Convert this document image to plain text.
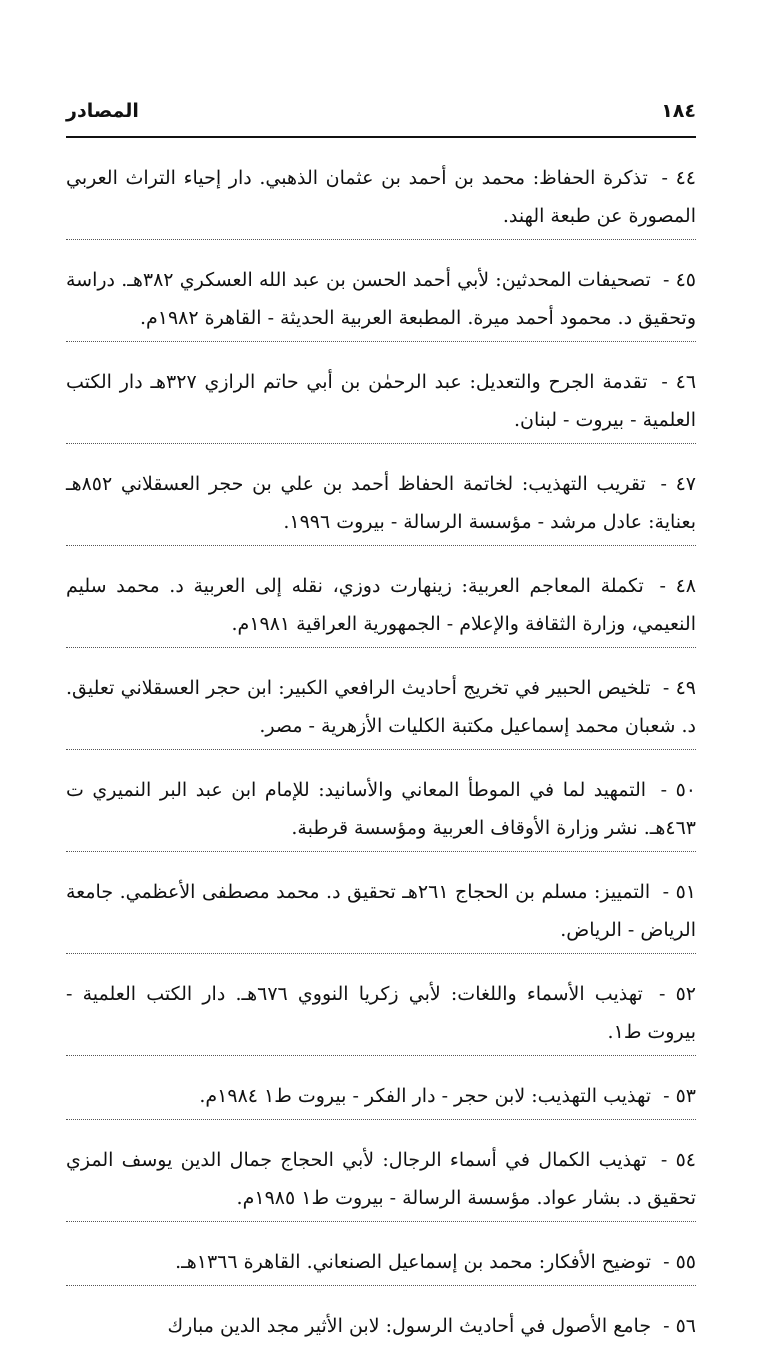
١٨٤
المصادر

٤٤ - تذكرة الحفاظ: محمد بن أحمد بن عثمان الذهبي. دار إحياء التراث العربي المصورة عن طبعة الهند.

٤٥ - تصحيفات المحدثين: لأبي أحمد الحسن بن عبد الله العسكري ٣٨٢هـ. دراسة وتحقيق د. محمود أحمد ميرة. المطبعة العربية الحديثة - القاهرة ١٩٨٢م.

٤٦ - تقدمة الجرح والتعديل: عبد الرحمٰن بن أبي حاتم الرازي ٣٢٧هـ دار الكتب العلمية - بيروت - لبنان.

٤٧ - تقريب التهذيب: لخاتمة الحفاظ أحمد بن علي بن حجر العسقلاني ٨٥٢هـ بعناية: عادل مرشد - مؤسسة الرسالة - بيروت ١٩٩٦.

٤٨ - تكملة المعاجم العربية: زينهارت دوزي، نقله إلى العربية د. محمد سليم النعيمي، وزارة الثقافة والإعلام - الجمهورية العراقية ١٩٨١م.

٤٩ - تلخيص الحبير في تخريج أحاديث الرافعي الكبير: ابن حجر العسقلاني تعليق. د. شعبان محمد إسماعيل مكتبة الكليات الأزهرية - مصر.

٥٠ - التمهيد لما في الموطأ المعاني والأسانيد: للإمام ابن عبد البر النميري ت ٤٦٣هـ. نشر وزارة الأوقاف العربية ومؤسسة قرطبة.

٥١ - التمييز: مسلم بن الحجاج ٢٦١هـ تحقيق د. محمد مصطفى الأعظمي. جامعة الرياض - الرياض.

٥٢ - تهذيب الأسماء واللغات: لأبي زكريا النووي ٦٧٦هـ. دار الكتب العلمية - بيروت ط١.

٥٣ - تهذيب التهذيب: لابن حجر - دار الفكر - بيروت ط١ ١٩٨٤م.

٥٤ - تهذيب الكمال في أسماء الرجال: لأبي الحجاج جمال الدين يوسف المزي تحقيق د. بشار عواد. مؤسسة الرسالة - بيروت ط١ ١٩٨٥م.

٥٥ - توضيح الأفكار: محمد بن إسماعيل الصنعاني. القاهرة ١٣٦٦هـ.

٥٦ - جامع الأصول في أحاديث الرسول: لابن الأثير مجد الدين مبارك
